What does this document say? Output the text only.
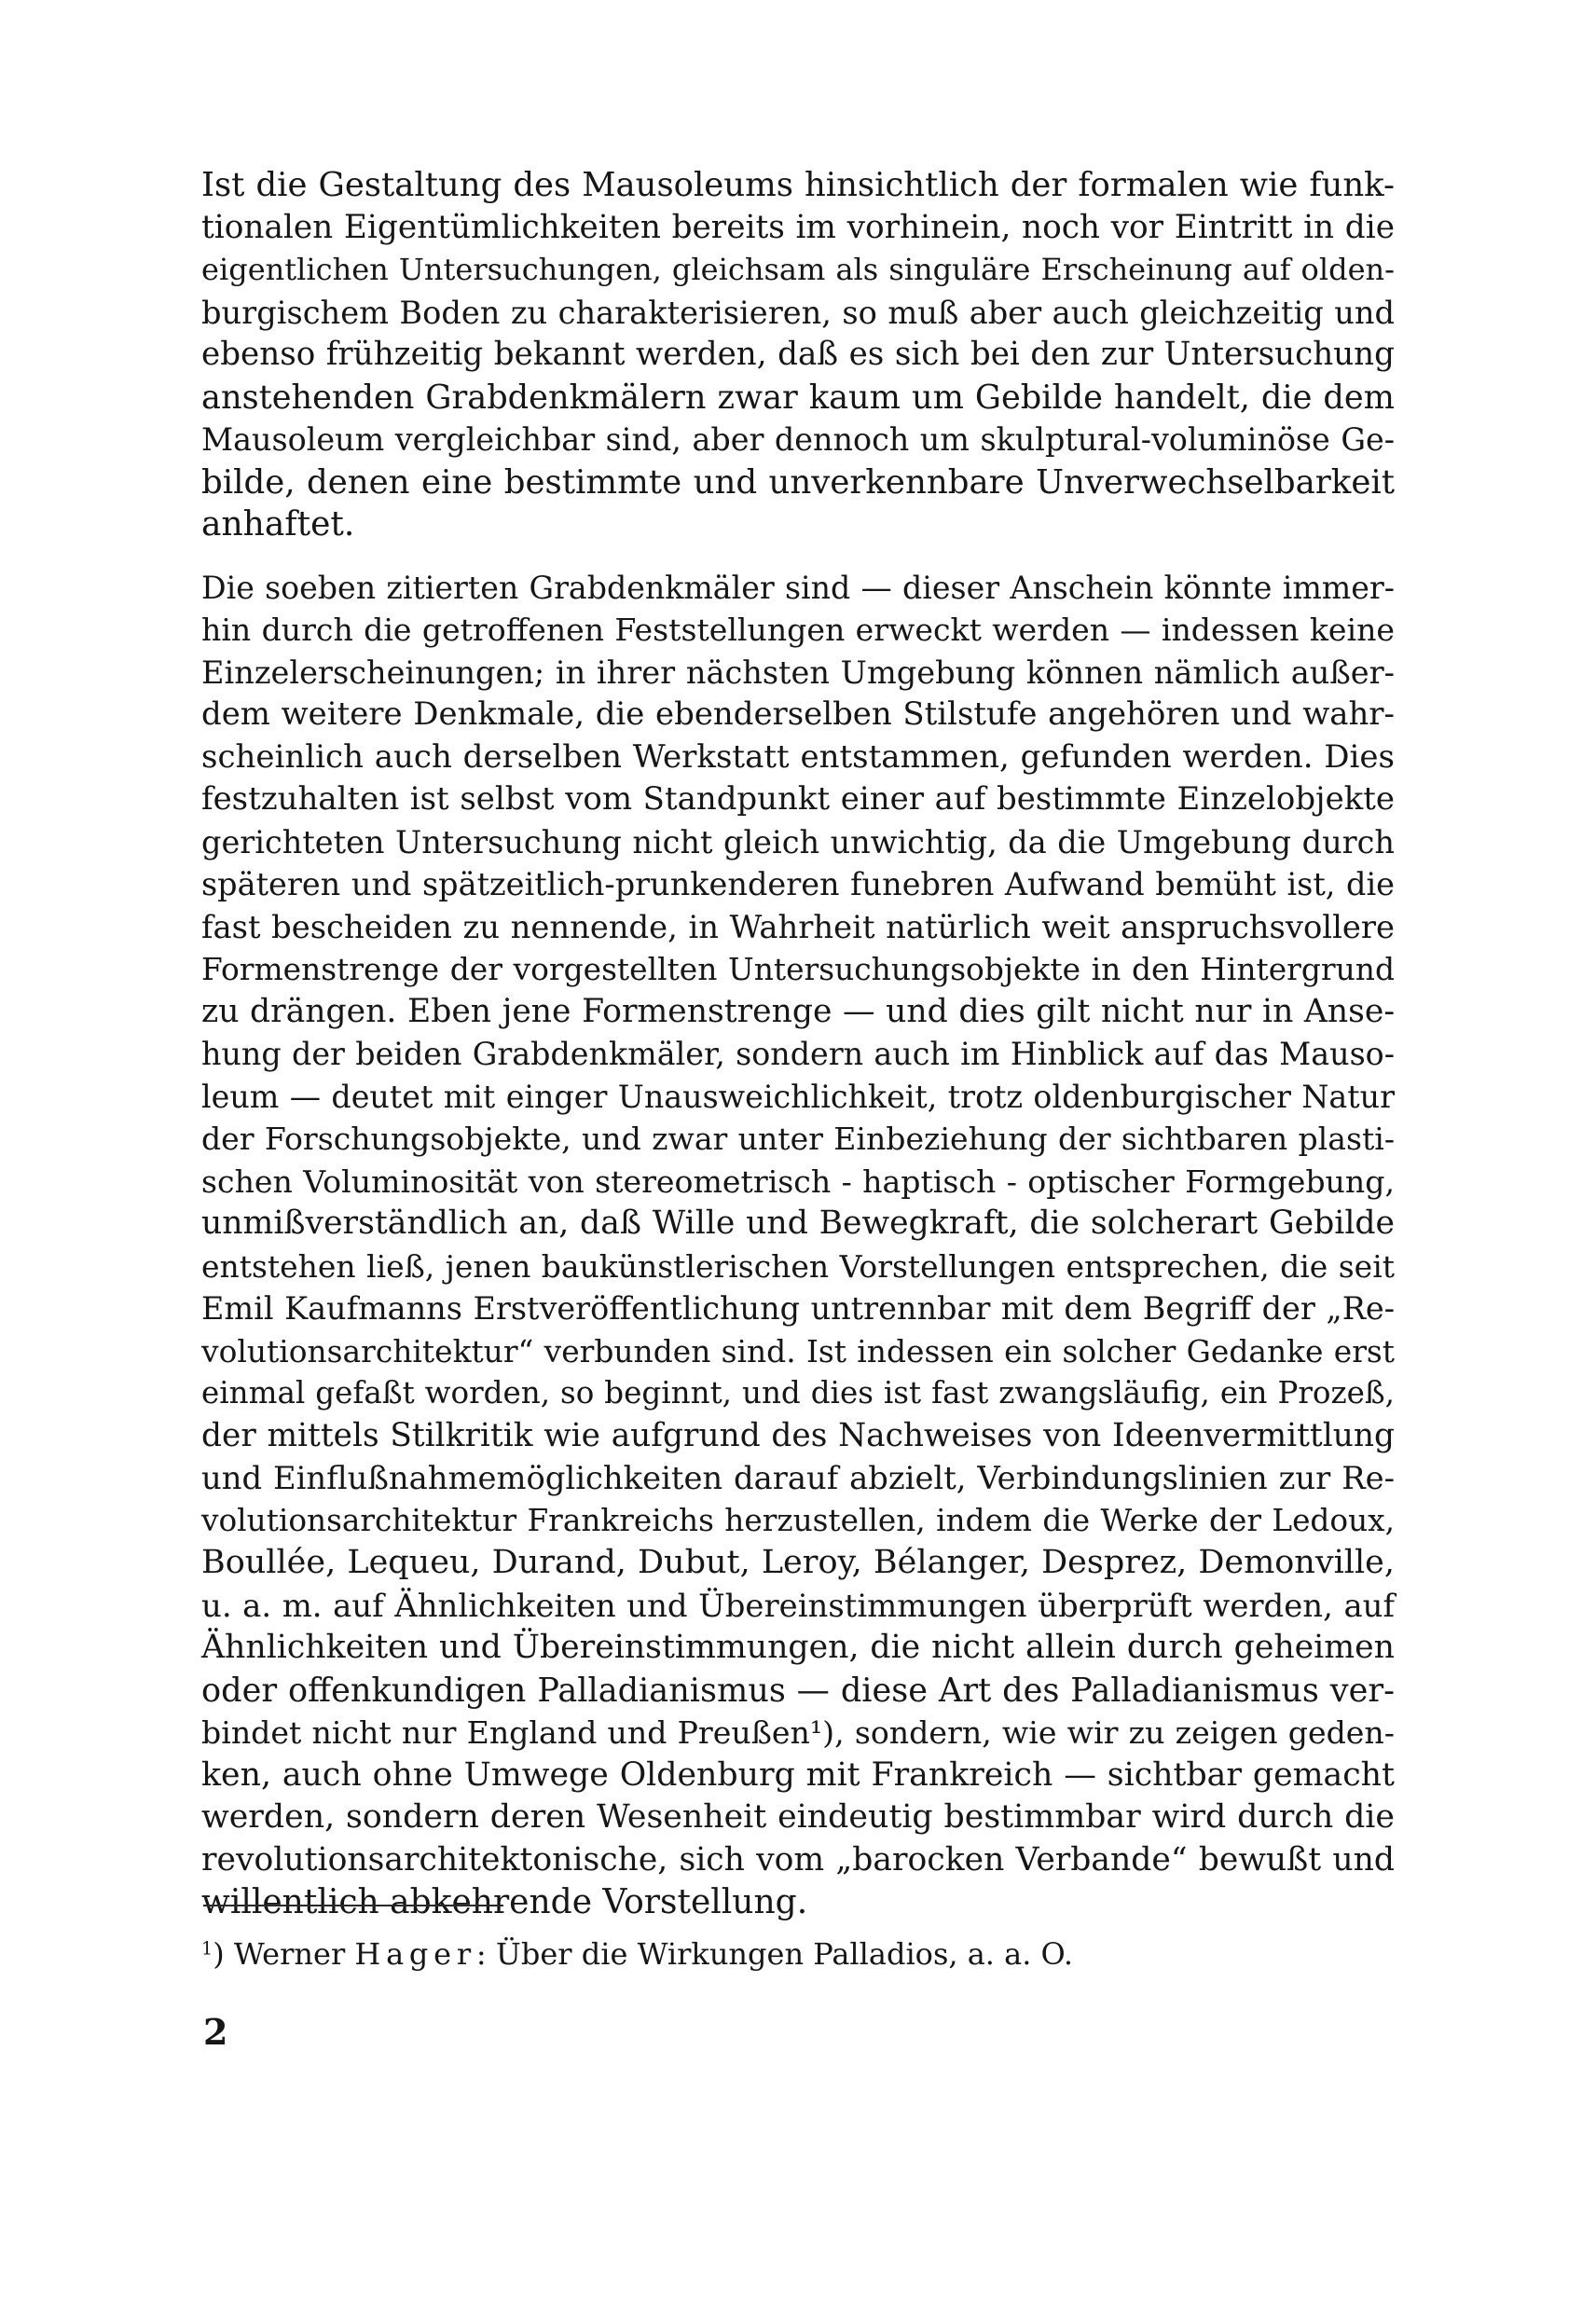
Ist die Gestaltung des Mausoleums hinsichtlich der formalen wie funk-
tionalen Eigentümlichkeiten bereits im vorhinein, noch vor Eintritt in die
eigentlichen Untersuchungen, gleichsam als singuläre Erscheinung auf olden-
burgischem Boden zu charakterisieren, so muß aber auch gleichzeitig und
ebenso frühzeitig bekannt werden, daß es sich bei den zur Untersuchung
anstehenden Grabdenkmälern zwar kaum um Gebilde handelt, die dem
Mausoleum vergleichbar sind, aber dennoch um skulptural-voluminöse Ge-
bilde, denen eine bestimmte und unverkennbare Unverwechselbarkeit
anhaftet.

Die soeben zitierten Grabdenkmäler sind — dieser Anschein könnte immer-
hin durch die getroffenen Feststellungen erweckt werden — indessen keine
Einzelerscheinungen; in ihrer nächsten Umgebung können nämlich außer-
dem weitere Denkmale, die ebenderselben Stilstufe angehören und wahr-
scheinlich auch derselben Werkstatt entstammen, gefunden werden. Dies
festzuhalten ist selbst vom Standpunkt einer auf bestimmte Einzelobjekte
gerichteten Untersuchung nicht gleich unwichtig, da die Umgebung durch
späteren und spätzeitlich-prunkenderen funebren Aufwand bemüht ist, die
fast bescheiden zu nennende, in Wahrheit natürlich weit anspruchsvollere
Formenstrenge der vorgestellten Untersuchungsobjekte in den Hintergrund
zu drängen. Eben jene Formenstrenge — und dies gilt nicht nur in Anse-
hung der beiden Grabdenkmäler, sondern auch im Hinblick auf das Mauso-
leum — deutet mit einger Unausweichlichkeit, trotz oldenburgischer Natur
der Forschungsobjekte, und zwar unter Einbeziehung der sichtbaren plasti-
schen Voluminosität von stereometrisch - haptisch - optischer Formgebung,
unmißverständlich an, daß Wille und Bewegkraft, die solcherart Gebilde
entstehen ließ, jenen baukünstlerischen Vorstellungen entsprechen, die seit
Emil Kaufmanns Erstveröffentlichung untrennbar mit dem Begriff der „Re-
volutionsarchitektur“ verbunden sind. Ist indessen ein solcher Gedanke erst
einmal gefaßt worden, so beginnt, und dies ist fast zwangsläufig, ein Prozeß,
der mittels Stilkritik wie aufgrund des Nachweises von Ideenvermittlung
und Einflußnahmemöglichkeiten darauf abzielt, Verbindungslinien zur Re-
volutionsarchitektur Frankreichs herzustellen, indem die Werke der Ledoux,
Boullée, Lequeu, Durand, Dubut, Leroy, Bélanger, Desprez, Demonville,
u. a. m. auf Ähnlichkeiten und Übereinstimmungen überprüft werden, auf
Ähnlichkeiten und Übereinstimmungen, die nicht allein durch geheimen
oder offenkundigen Palladianismus — diese Art des Palladianismus ver-
bindet nicht nur England und Preußen¹), sondern, wie wir zu zeigen geden-
ken, auch ohne Umwege Oldenburg mit Frankreich — sichtbar gemacht
werden, sondern deren Wesenheit eindeutig bestimmbar wird durch die
revolutionsarchitektonische, sich vom „barocken Verbande“ bewußt und
willentlich abkehrende Vorstellung.

$^1$) Werner Hager: Über die Wirkungen Palladios, a. a. O.
2
